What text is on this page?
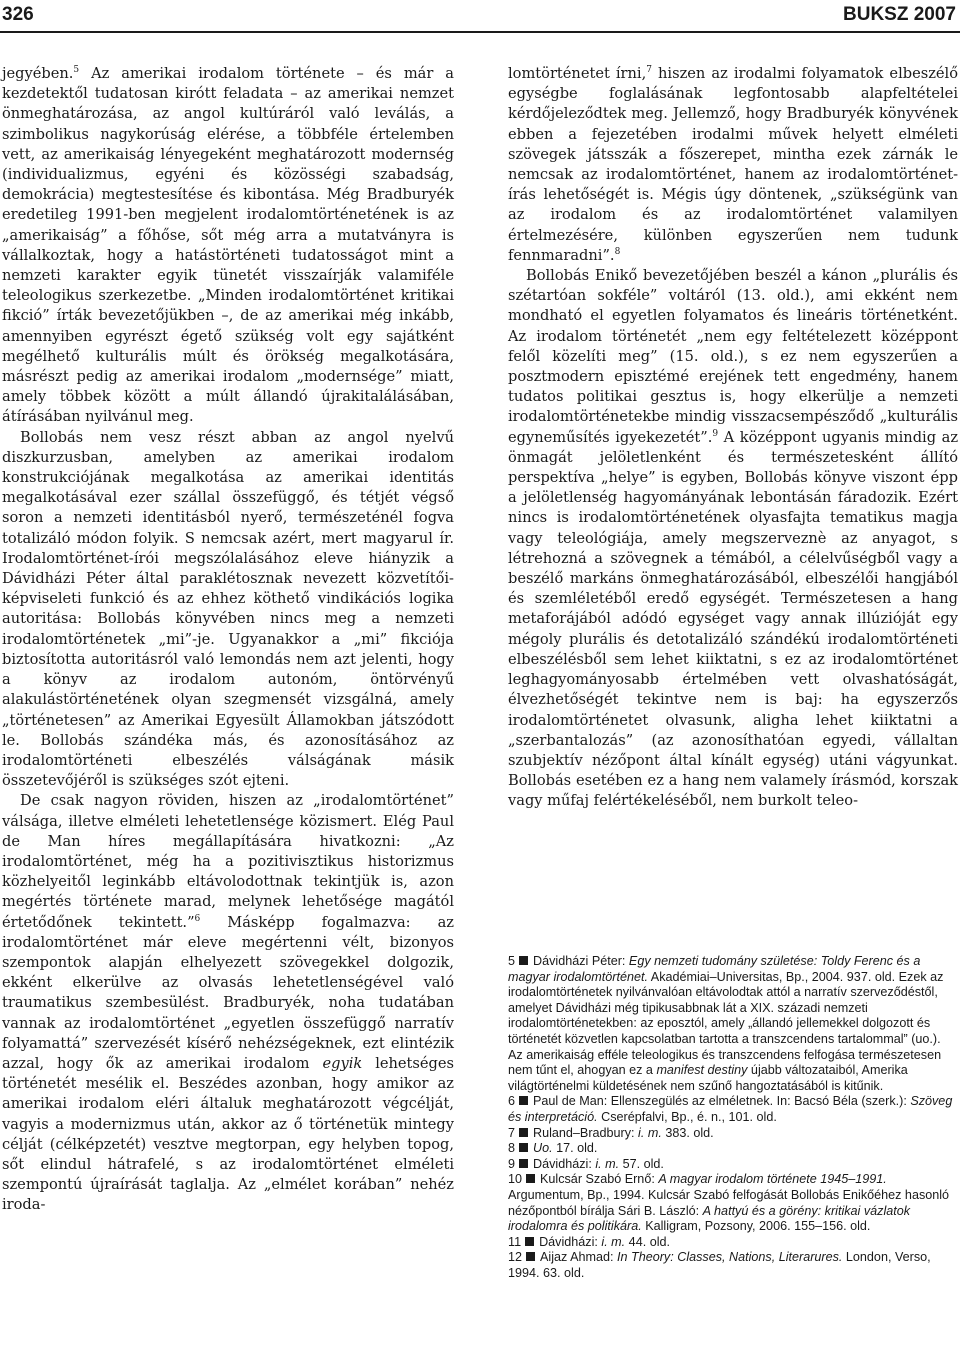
326	BUKSZ 2007

jegyében.$^5$ Az amerikai irodalom története – és már a kezdetektől tudatosan kirótt feladata – az amerikai nemzet önmeghatározása, az angol kultúráról való leválás, a szimbolikus nagykorúság elérése, a többféle értelemben vett, az amerikaiság lényegeként meghatározott modernség (individualizmus, egyéni és közösségi szabadság, demokrácia) megtestesítése és kibontása. Még Bradburyék eredetileg 1991-ben megjelent irodalomtörténetének is az „amerikaiság” a főhőse, sőt még arra a mutatványra is vállalkoztak, hogy a hatástörténeti tudatosságot mint a nemzeti karakter egyik tünetét visszaírják valamiféle teleologikus szerkezetbe. „Minden irodalomtörténet kritikai fikció” írták bevezetőjükben –, de az amerikai még inkább, amennyiben egyrészt égető szükség volt egy sajátként megélhető kulturális múlt és örökség megalkotására, másrészt pedig az amerikai irodalom „modernsége” miatt, amely többek között a múlt állandó újrakitalálásában, átírásában nyilvánul meg.

Bollobás nem vesz részt abban az angol nyelvű diszkurzusban, amelyben az amerikai irodalom konstrukciójának megalkotása az amerikai identitás megalkotásával ezer szállal összefüggő, és tétjét végső soron a nemzeti identitásból nyerő, természeténél fogva totalizáló módon folyik. S nemcsak azért, mert magyarul ír. Irodalomtörténet-írói megszólalásához eleve hiányzik a Dávidházi Péter által paraklétosznak nevezett közvetítői-képviseleti funkció és az ehhez köthető vindikációs logika autoritása: Bollobás könyvében nincs meg a nemzeti irodalomtörténetek „mi”-je. Ugyanakkor a „mi” fikciója biztosította autoritásról való lemondás nem azt jelenti, hogy a könyv az irodalom autonóm, öntörvényű alakulástörténetének olyan szegmensét vizsgálná, amely „történetesen” az Amerikai Egyesült Államokban játszódott le. Bollobás szándéka más, és azonosításához az irodalomtörténeti elbeszélés válságának másik összetevőjéről is szükséges szót ejteni.

De csak nagyon röviden, hiszen az „irodalomtörténet” válsága, illetve elméleti lehetetlensége közismert. Elég Paul de Man híres megállapítására hivatkozni: „Az irodalomtörténet, még ha a pozitivisztikus historizmus közhelyeitől leginkább eltávolodottnak tekintjük is, azon megértés története marad, melynek lehetősége magától értetődőnek tekintett.”$^6$ Másképp fogalmazva: az irodalomtörténet már eleve megértenni vélt, bizonyos szempontok alapján elhelyezett szövegekkel dolgozik, ekként elkerülve az olvasás lehetetlenségével való traumatikus szembesülést. Bradburyék, noha tudatában vannak az irodalomtörténet „egyetlen összefüggő narratív folyamattá” szervezését kísérő nehézségeknek, ezt elintézik azzal, hogy ők az amerikai irodalom egyik lehetséges történetét mesélik el. Beszédes azonban, hogy amikor az amerikai irodalom eléri általuk meghatározott végcélját, vagyis a modernizmus után, akkor az ő történetük mintegy célját (célképzetét) vesztve megtorpan, egy helyben topog, sőt elindul hátrafelé, s az irodalomtörténet elméleti szempontú újraírását taglalja. Az „elmélet korában” nehéz iroda-

lomtörténetet írni,$^7$ hiszen az irodalmi folyamatok elbeszélő egységbe foglalásának legfontosabb alapfeltételei kérdőjeleződtek meg. Jellemző, hogy Bradburyék könyvének ebben a fejezetében irodalmi művek helyett elméleti szövegek játsszák a főszerepet, mintha ezek zárnák le nemcsak az irodalomtörténet, hanem az irodalomtörténet-írás lehetőségét is. Mégis úgy döntenek, „szükségünk van az irodalom és az irodalomtörténet valamilyen értelmezésére, különben egyszerűen nem tudunk fennmaradni”.$^8$

Bollobás Enikő bevezetőjében beszél a kánon „plurális és szétartóan sokféle” voltáról (13. old.), ami ekként nem mondható el egyetlen folyamatos és lineáris történetként. Az irodalom történetét „nem egy feltételezett középpont felől közelíti meg” (15. old.), s ez nem egyszerűen a posztmodern episztémé erejének tett engedmény, hanem tudatos politikai gesztus is, hogy elkerülje a nemzeti irodalomtörténetekbe mindig visszacsempésződő „kulturális egyneműsítés igyekezetét”.$^9$ A középpont ugyanis mindig az önmagát jelöletlenként és természetesként állító perspektíva „helye” is egyben, Bollobás könyve viszont épp a jelöletlenség hagyományának lebontásán fáradozik. Ezért nincs is irodalomtörténetének olyasfajta tematikus magja vagy teleológiája, amely megszerveznè az anyagot, s létrehozná a szövegnek a témából, a célelvűségből vagy a beszélő markáns önmeghatározásából, elbeszélői hangjából és szemléletéből eredő egységét. Természetesen a hang metaforájából adódó egységet vagy annak illúzióját egy mégoly plurális és detotalizáló szándékú irodalomtörténeti elbeszélésből sem lehet kiiktatni, s ez az irodalomtörténet leghagyományosabb értelmében vett olvashatóságát, élvezhetőségét tekintve nem is baj: ha egyszerzős irodalomtörténetet olvasunk, aligha lehet kiiktatni a „szerbantalozás” (az azonosíthatóan egyedi, vállaltan szubjektív nézőpont által kínált egység) utáni vágyunkat. Bollobás esetében ez a hang nem valamely írásmód, korszak vagy műfaj felértékeléséből, nem burkolt teleo-

5 Dávidházi Péter: Egy nemzeti tudomány születése: Toldy Ferenc és a magyar irodalomtörténet. Akadémiai–Universitas, Bp., 2004. 937. old. Ezek az irodalomtörténetek nyilvánvalóan eltávolodtak attól a narratív szerveződéstől, amelyet Dávidházi még tipikusabbnak lát a XIX. századi nemzeti irodalomtörténetekben: az eposztól, amely „állandó jellemekkel dolgozott és történetét közvetlen kapcsolatban tartotta a transzcendens tartalommal” (uo.). Az amerikaiság efféle teleologikus és transzcendens felfogása természetesen nem tűnt el, ahogyan ez a manifest destiny újabb változataiból, Amerika világtörténelmi küldetésének nem szűnő hangoztatásából is kitűnik.
6 Paul de Man: Ellenszegülés az elméletnek. In: Bacsó Béla (szerk.): Szöveg és interpretáció. Cserépfalvi, Bp., é. n., 101. old.
7 Ruland–Bradbury: i. m. 383. old.
8 Uo. 17. old.
9 Dávidházi: i. m. 57. old.
10 Kulcsár Szabó Ernő: A magyar irodalom története 1945–1991. Argumentum, Bp., 1994. Kulcsár Szabó felfogását Bollobás Enikőéhez hasonló nézőpontból bírálja Sári B. László: A hattyú és a görény: kritikai vázlatok irodalomra és politikára. Kalligram, Pozsony, 2006. 155–156. old.
11 Dávidházi: i. m. 44. old.
12 Aijaz Ahmad: In Theory: Classes, Nations, Literarures. London, Verso, 1994. 63. old.
